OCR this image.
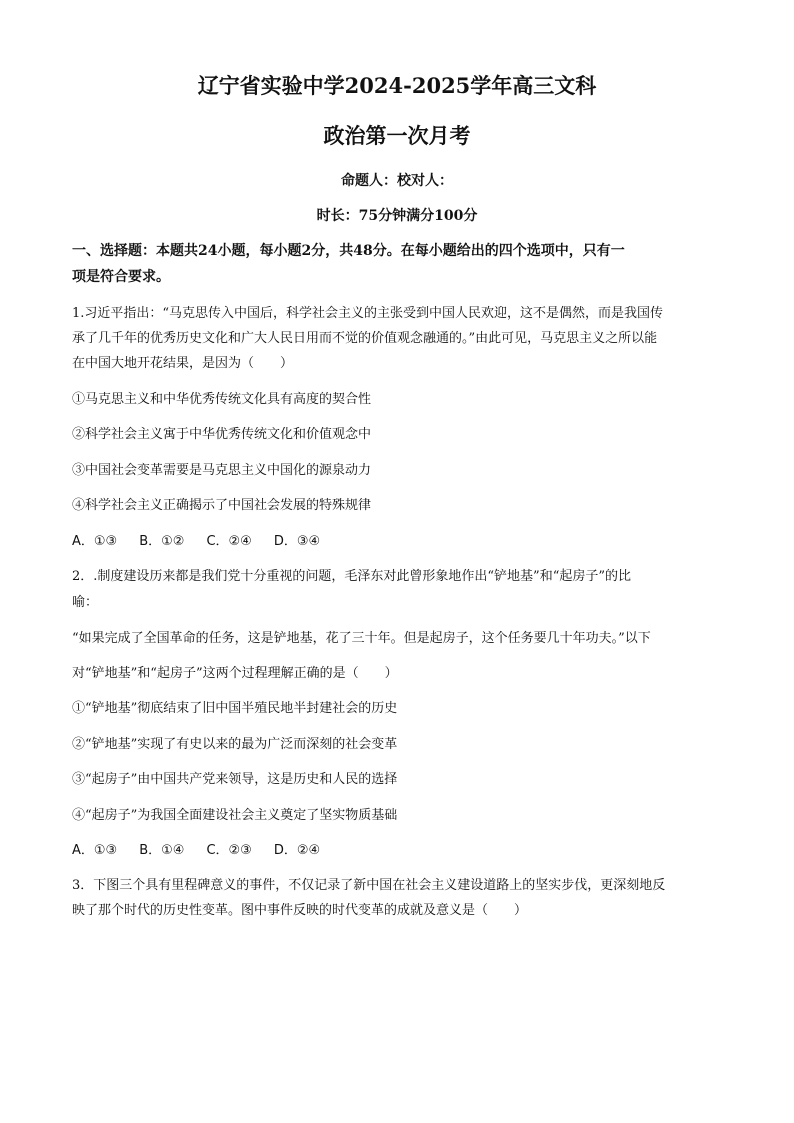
辽宁省实验中学2024-2025学年高三文科
政治第一次月考
命题人：校对人：
时长：75分钟满分100分
一、选择题：本题共24小题，每小题2分，共48分。在每小题给出的四个选项中，只有一
项是符合要求。
1.习近平指出：“马克思传入中国后，科学社会主义的主张受到中国人民欢迎，这不是偶然，而是我国传
承了几千年的优秀历史文化和广大人民日用而不觉的价值观念融通的。”由此可见，马克思主义之所以能
在中国大地开花结果，是因为（　　）
①马克思主义和中华优秀传统文化具有高度的契合性
②科学社会主义寓于中华优秀传统文化和价值观念中
③中国社会变革需要是马克思主义中国化的源泉动力
④科学社会主义正确揭示了中国社会发展的特殊规律
A．①③ B．①② C．②④ D．③④
2．.制度建设历来都是我们党十分重视的问题，毛泽东对此曾形象地作出“铲地基”和“起房子”的比
喻：
“如果完成了全国革命的任务，这是铲地基，花了三十年。但是起房子，这个任务要几十年功夫。”以下
对“铲地基”和“起房子”这两个过程理解正确的是（　　）
①“铲地基”彻底结束了旧中国半殖民地半封建社会的历史
②“铲地基”实现了有史以来的最为广泛而深刻的社会变革
③“起房子”由中国共产党来领导，这是历史和人民的选择
④“起房子”为我国全面建设社会主义奠定了坚实物质基础
A．①③ B．①④ C．②③ D．②④
3．下图三个具有里程碑意义的事件，不仅记录了新中国在社会主义建设道路上的坚实步伐，更深刻地反
映了那个时代的历史性变革。图中事件反映的时代变革的成就及意义是（　　）
